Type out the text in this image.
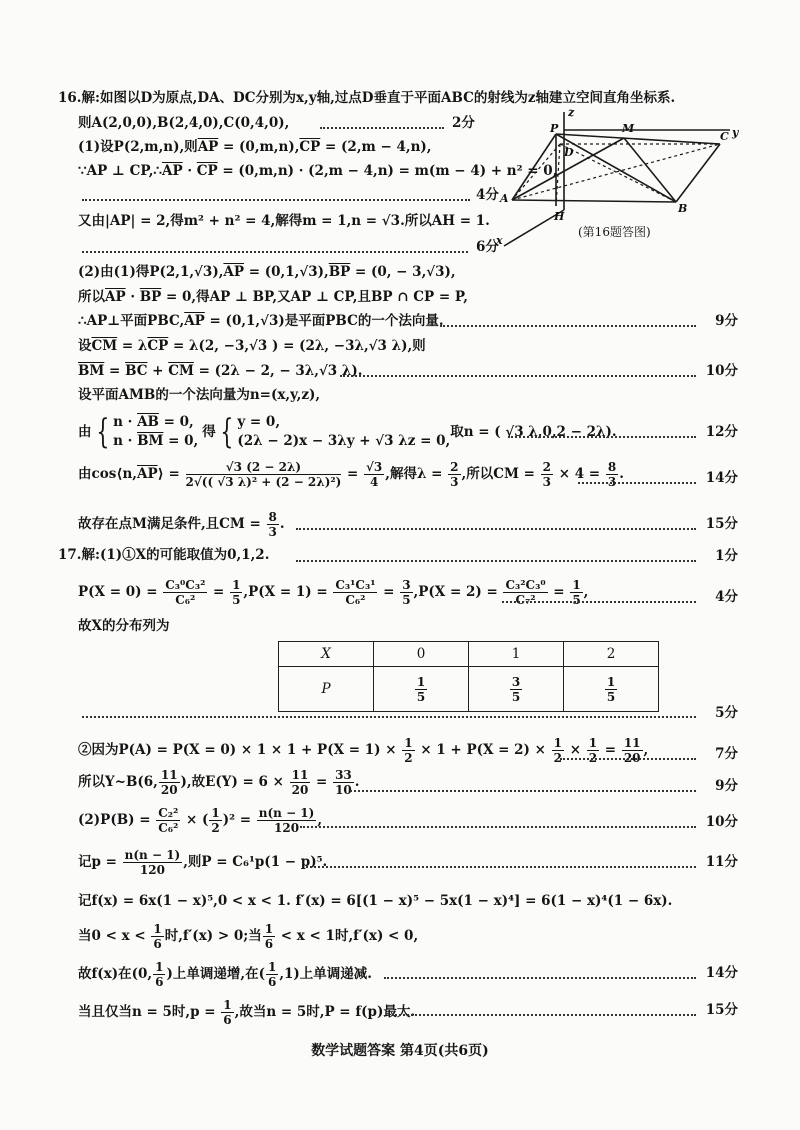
16.解:如图以D为原点,DA、DC分别为x,y轴,过点D垂直于平面ABC的射线为z轴建立空间直角坐标系.
则A(2,0,0),B(2,4,0),C(0,4,0),	2分
(1)设P(2,m,n),则$\overline{AP} = (0,m,n),\overline{CP} = (2,m - 4,n)$,
∵AP ⊥ $CP,\therefore\overline{AP} \cdot \overline{CP} = (0,m,n) \cdot (2,m - 4,n) = m(m - 4) + n^2 = 0$,
4分
又由|AP| = 2,得m² + n² = 4,解得m = 1,n = √3.所以AH = 1.
6分
P	M
C
D
A
H
B
x
y
z
(第16题答图)
(2)由(1)得$P(2,1,√3),\overline{AP} = (0,1,√3),\overline{BP} = (0$, − 3,√3),
所以$\overline{AP} \cdot \overline{BP} = 0$,得AP ⊥ BP,又AP ⊥ CP,且BP ∩ CP = P,
∴AP⊥平面$PBC,\overline{AP} = (0,1,√3)$是平面PBC的一个法向量.	9分
设$\overline{CM} = \lambda\overline{CP} = \lambda(2$, −3,√3 ) = (2λ, −3λ,√3 λ),则
$\overline{BM} = \overline{BC} + \overline{CM} = (2\lambda - 2$, − 3λ,√3 λ).	10分
设平面AMB的一个法向量为n=(x,y,z),
由 { $n \cdot \overline{AB} = 0$,
$n \cdot \overline{BM} = 0$,
得 { y = 0,
(2λ − 2)x − 3λy + √3 λz = 0,
取n = ( √3 λ,0,2 − 2λ).	12分
由$\cos⟨n,\overline{AP}⟩ = \frac{√3 (2 - 2\lambda)}{\text{2√(( √3 λ)² + (2 − 2λ)²)}} = \frac{√3}{4}$ ,解得$\lambda = \frac{2}{3}$ ,所以CM = $\frac{2}{3} \times 4 = \frac{8}{3}$ .	14分
故存在点M满足条件,且CM = $\frac{8}{3}$ .	15分
17.解:(1)①X的可能取值为0,1,2.	1分
$P(X = 0) = \frac{\text{C₃⁰C₃²}}{\text{C₆²}} = \frac{1}{5} ,P(X = 1) = \frac{\text{C₃¹C₃¹}}{\text{C₆²}} = \frac{3}{5} ,P(X = 2) = \frac{\text{C₃²C₃⁰}}{\text{C₇²}} = \frac{1}{5}$ ,	4分
故X的分布列为
X	0	1	2
P	$\frac{1}{5}$	$\frac{3}{5}$	$\frac{1}{5}$
5分
②因为$P(A) = P(X = 0) \times 1 \times 1 + P(X = 1) \times \frac{1}{2} \times 1 + P(X = 2) \times \frac{1}{2} \times \frac{1}{2} = \frac{11}{20}$ ,	7分
所以Y~B(6, $\frac{11}{20}$ ),故$E(Y) = 6 \times \frac{11}{20} = \frac{33}{10}$ .	9分
$(2)P(B) = \frac{\text{C₂²}}{\text{C₆²}}$ × ( $\frac{1}{2} )^2 = \frac{n(n - 1)}{120}$ ,	10分
记$p = \frac{n(n - 1)}{120}$ ,则P = C₆¹p(1 − p)⁵.	11分
记f(x) = 6x(1 − x)⁵,0 < x < 1. f′(x) = 6[(1 − x)⁵ − 5x(1 − x)⁴] = 6(1 − x)⁴(1 − 6x).
当$0 < x < \frac{1}{6}$ 时,f′(x) > 0;当 $\frac{1}{6} < x < 1$时,f′(x) < 0,
故f(x)在(0, $\frac{1}{6}$ )上单调递增,在( $\frac{1}{6} ,1$)上单调递减.	14分
当且仅当n = 5时$,p = \frac{1}{6}$ ,故当n = 5时,P = f(p)最大.	15分
数学试题答案 第4页(共6页)
